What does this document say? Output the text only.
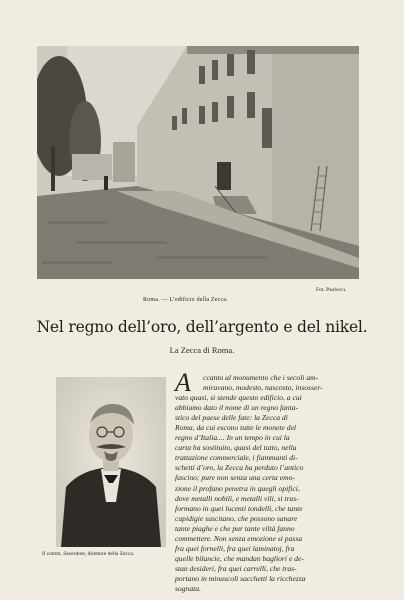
Fot. Paoloccì.
Roma. — L’edificio della Zecca.
Nel regno dell’oro, dell’argento e del nikel.
La Zecca di Roma.
Il comm. Sacerdote, direttore della Zecca.
A	ccanto al monumento che i secoli am-
miravano, modesto, nascosto, insosser-
vato quasi, si stende questo edificio, a cui
abbiamo dato il nome di un regno fanta-
stico del paese delle fate: la Zecca di
Roma, da cui escono tutte le monete del
regno d’Italia.... In un tempo in cui la
carta ha sostituito, quasi del tutto, nella
trattazione commerciale, i fiammanti di-
schetti d’oro, la Zecca ha perduto l’antico
fascino; pure non senza una certa emo-
zione il profano penetra in quegli opifici,
dove metalli nobili, e metalli vili, si tras-
formano in quei lucenti tondelli, che tante
cupidigie suscitano, che possono sanare
tante piaghe e che pur tante viltà fanno
commettere. Non senza emozione si passa
fra quei fornelli, fra quei laminatoj, fra
quelle bilancie, che mandan bagliori e de-
stan desideri, fra quei carrelli, che tras-
portano in minuscoli sacchetti la ricchezza
sognata.
